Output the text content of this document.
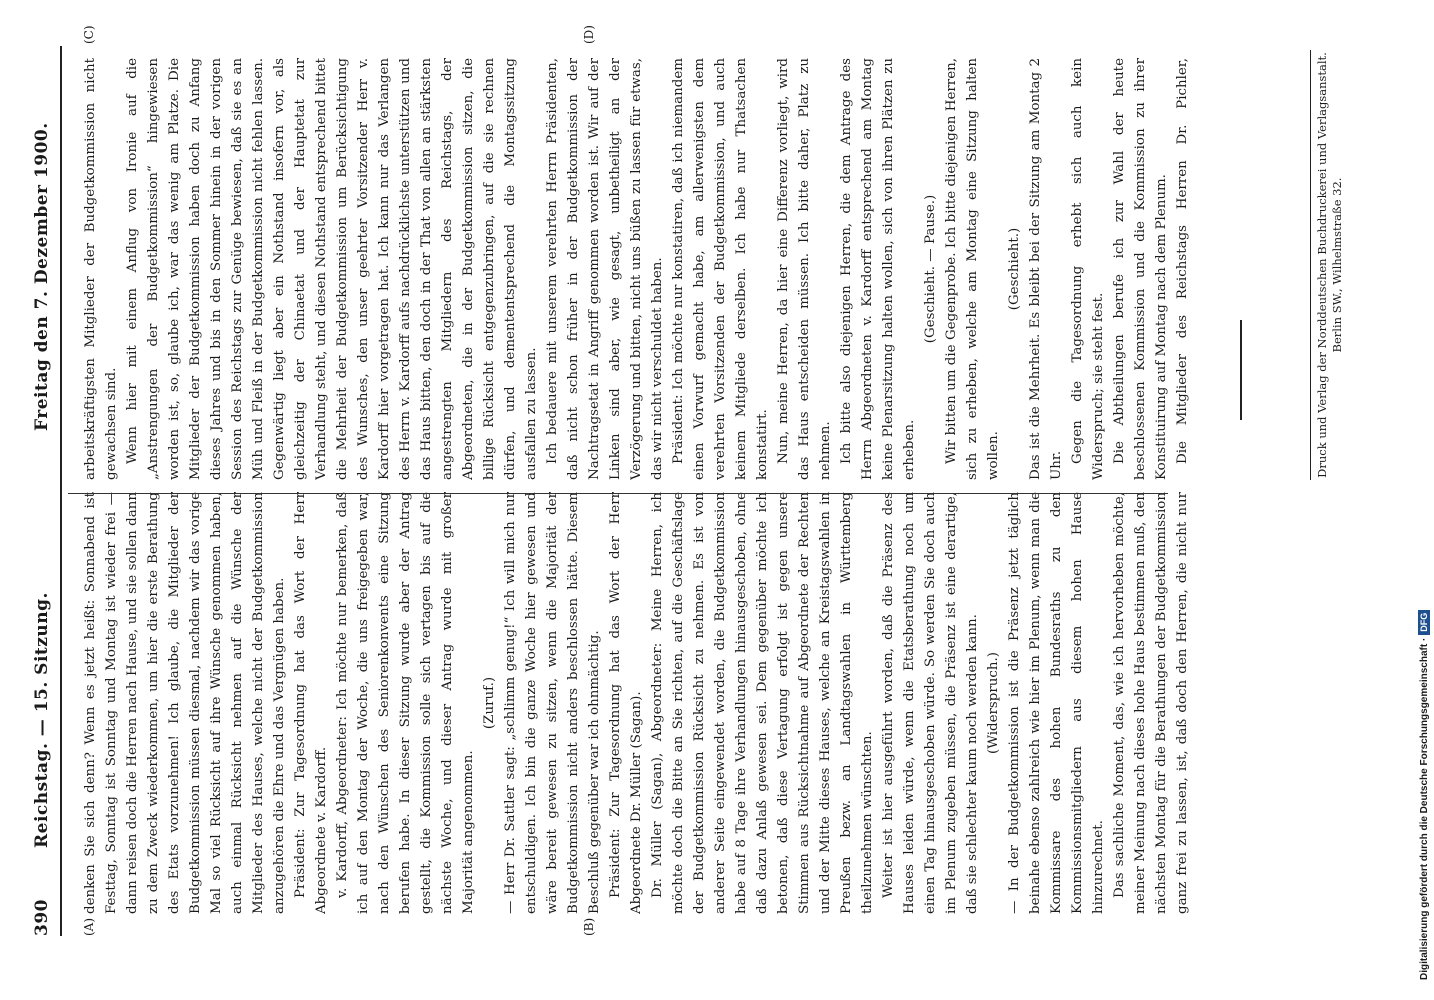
390
Reichstag. — 15. Sitzung.
Freitag den 7. Dezember 1900.
(A)	(B)
(C)	(D)

denken Sie sich denn? Wenn es jetzt heißt: Sonnabend ist Festtag, Sonntag ist Sonntag und Montag ist wieder frei — dann reisen doch die Herren nach Hause, und sie sollen dann zu dem Zweck wiederkommen, um hier die erste Berathung des Etats vorzunehmen! Ich glaube, die Mitglieder der Budgetkommission müssen diesmal, nachdem wir das vorige Mal so viel Rücksicht auf ihre Wünsche genommen haben, auch einmal Rücksicht nehmen auf die Wünsche der Mitglieder des Hauses, welche nicht der Budgetkommission anzugehören die Ehre und das Vergnügen haben. Präsident: Zur Tagesordnung hat das Wort der Herr Abgeordnete v. Kardorff. v. Kardorff, Abgeordneter: Ich möchte nur bemerken, daß ich auf den Montag der Woche, die uns freigegeben war, nach den Wünschen des Seniorenkonvents eine Sitzung berufen habe. In dieser Sitzung wurde aber der Antrag gestellt, die Kommission solle sich vertagen bis auf die nächste Woche, und dieser Antrag wurde mit großer Majorität angenommen.

(Zuruf.) — Herr Dr. Sattler sagt: „schlimm genug!“ Ich will mich nur entschuldigen. Ich bin die ganze Woche hier gewesen und wäre bereit gewesen zu sitzen, wenn die Majorität der Budgetkommission nicht anders beschlossen hätte. Diesem Beschluß gegenüber war ich ohnmächtig. Präsident: Zur Tagesordnung hat das Wort der Herr Abgeordnete Dr. Müller (Sagan). Dr. Müller (Sagan), Abgeordneter: Meine Herren, ich möchte doch die Bitte an Sie richten, auf die Geschäftslage der Budgetkommission Rücksicht zu nehmen. Es ist von anderer Seite eingewendet worden, die Budgetkommission habe auf 8 Tage ihre Verhandlungen hinausgeschoben, ohne daß dazu Anlaß gewesen sei. Dem gegenüber möchte ich betonen, daß diese Vertagung erfolgt ist gegen unsere Stimmen aus Rücksichtnahme auf Abgeordnete der Rechten und der Mitte dieses Hauses, welche an Kreistagswahlen in Preußen bezw. an Landtagswahlen in Württemberg theilzunehmen wünschten. Weiter ist hier ausgeführt worden, daß die Präsenz des Hauses leiden würde, wenn die Etatsberathung noch um einen Tag hinausgeschoben würde. So werden Sie doch auch im Plenum zugeben müssen, die Präsenz ist eine derartige, daß sie schlechter kaum noch werden kann. (Widerspruch.) — In der Budgetkommission ist die Präsenz jetzt täglich beinahe ebenso zahlreich wie hier im Plenum, wenn man die Kommissare des hohen Bundesraths zu den Kommissionsmitgliedern aus diesem hohen Hause hinzurechnet. Das sachliche Moment, das, wie ich hervorheben möchte, meiner Meinung nach dieses hohe Haus bestimmen muß, den nächsten Montag für die Berathungen der Budgetkommission ganz frei zu lassen, ist, daß doch den Herren, die nicht nur

arbeitskräftigsten Mitglieder der Budgetkommission nicht gewachsen sind. Wenn hier mit einem Anflug von Ironie auf die „Anstrengungen der Budgetkommission“ hingewiesen worden ist, so, glaube ich, war das wenig am Platze. Die Mitglieder der Budgetkommission haben doch zu Anfang dieses Jahres und bis in den Sommer hinein in der vorigen Session des Reichstags zur Genüge bewiesen, daß sie es an Müh und Fleiß in der Budgetkommission nicht fehlen lassen. Gegenwärtig liegt aber ein Nothstand insofern vor, als gleichzeitig der Chinaetat und der Hauptetat zur Verhandlung steht, und diesen Nothstand entsprechend bittet die Mehrheit der Budgetkommission um Berücksichtigung des Wunsches, den unser geehrter Vorsitzender Herr v. Kardorff hier vorgetragen hat. Ich kann nur das Verlangen des Herrn v. Kardorff aufs nachdrücklichste unterstützen und das Haus bitten, den doch in der That von allen an stärksten angestrengten Mitgliedern des Reichstags, der Abgeordneten, die in der Budgetkommission sitzen, die billige Rücksicht entgegenzubringen, auf die sie rechnen dürfen, und demententsprechend die Montagssitzung ausfallen zu lassen. Ich bedauere mit unserem verehrten Herrn Präsidenten, daß nicht schon früher in der Budgetkommission der Nachtragsetat in Angriff genommen worden ist. Wir auf der Linken sind aber, wie gesagt, unbetheiligt an der Verzögerung und bitten, nicht uns büßen zu lassen für etwas, das wir nicht verschuldet haben. Präsident: Ich möchte nur konstatiren, daß ich niemandem einen Vorwurf gemacht habe, am allerwenigsten dem verehrten Vorsitzenden der Budgetkommission, und auch keinem Mitgliede derselben. Ich habe nur Thatsachen konstatirt. Nun, meine Herren, da hier eine Differenz vorliegt, wird das Haus entscheiden müssen. Ich bitte daher, Platz zu nehmen. Ich bitte also diejenigen Herren, die dem Antrage des Herrn Abgeordneten v. Kardorff entsprechend am Montag keine Plenarsitzung halten wollen, sich von ihren Plätzen zu erheben.

(Geschieht. — Pause.) Wir bitten um die Gegenprobe. Ich bitte diejenigen Herren, sich zu erheben, welche am Montag eine Sitzung halten wollen.

(Geschieht.) Das ist die Mehrheit. Es bleibt bei der Sitzung am Montag 2 Uhr.

Gegen die Tagesordnung erhebt sich auch kein Widerspruch; sie steht fest. Die Abtheilungen berufe ich zur Wahl der heute beschlossenen Kommission und die Kommission zu ihrer Konstituirung auf Montag nach dem Plenum. Die Mitglieder des Reichstags Herren Dr. Pichler,	Druck und Verlag der Norddeutschen Buchdruckerei und Verlagsanstalt. Berlin SW., Wilhelmstraße 32.
Digitalisierung gefördert durch die Deutsche Forschungsgemeinschaft ·DFG
